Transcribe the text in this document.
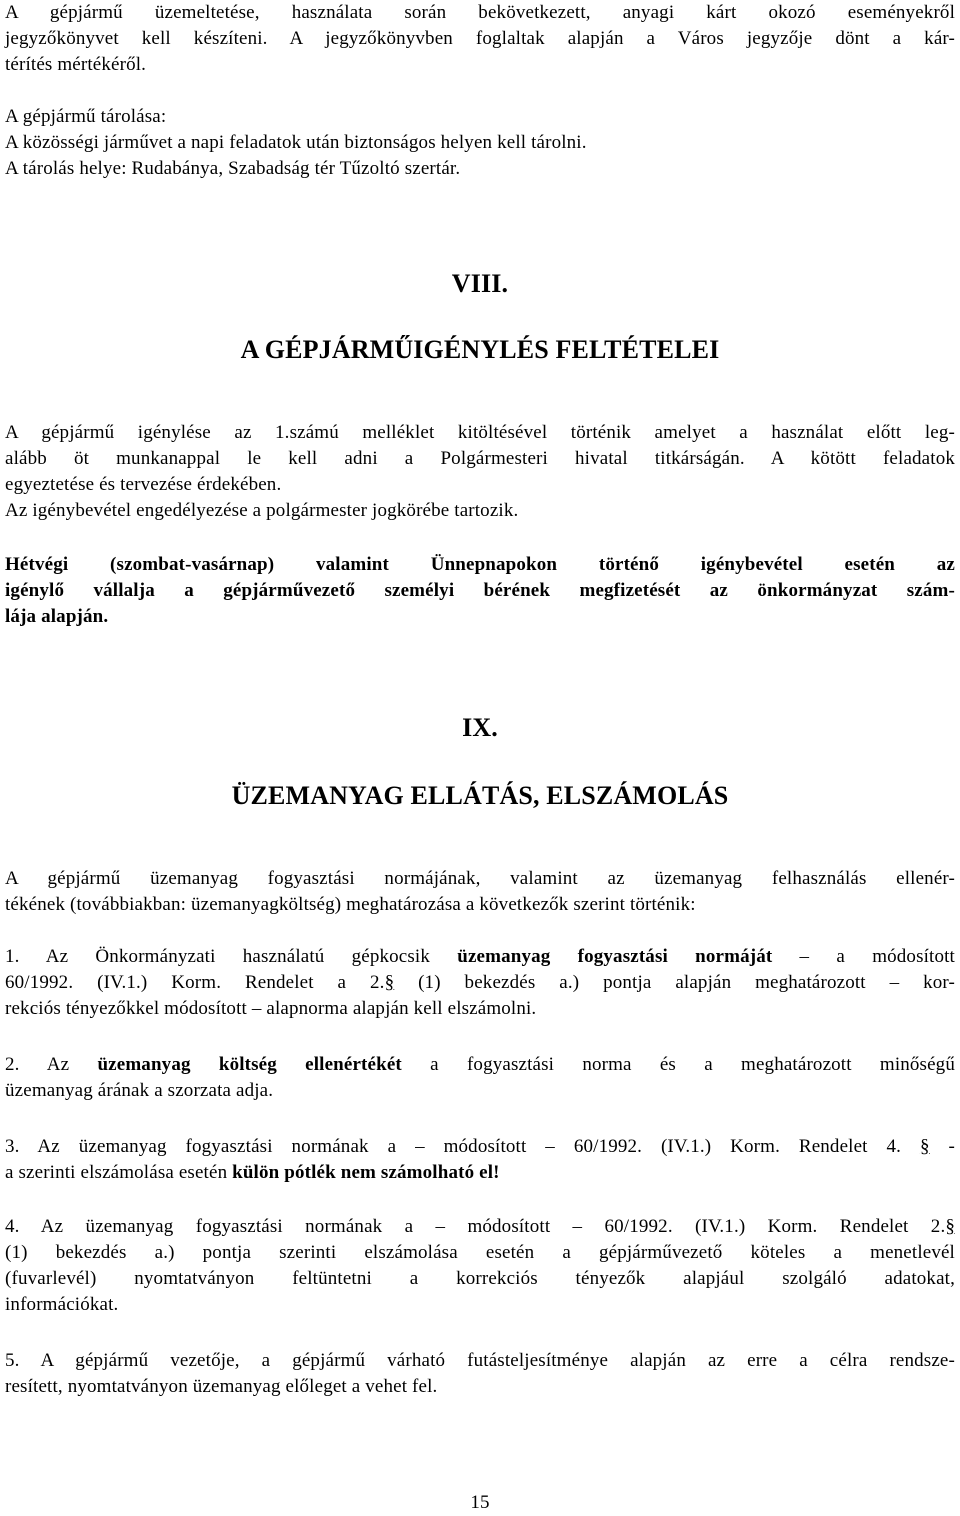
A gépjármű üzemeltetése, használata során bekövetkezett, anyagi kárt okozó eseményekről
jegyzőkönyvet kell készíteni. A jegyzőkönyvben foglaltak alapján a Város jegyzője dönt a kár-
térítés mértékéről.
A gépjármű tárolása:
A közösségi járművet a napi feladatok után biztonságos helyen kell tárolni.
A tárolás helye: Rudabánya, Szabadság tér Tűzoltó szertár.
VIII.
A GÉPJÁRMŰIGÉNYLÉS FELTÉTELEI
A gépjármű igénylése az 1.számú melléklet kitöltésével történik amelyet a használat előtt leg-
alább öt munkanappal le kell adni a Polgármesteri hivatal titkárságán. A kötött feladatok
egyeztetése és tervezése érdekében.
Az igénybevétel engedélyezése a polgármester jogkörébe tartozik.
Hétvégi (szombat-vasárnap) valamint Ünnepnapokon történő igénybevétel esetén az
igénylő vállalja a gépjárművezető személyi bérének megfizetését az önkormányzat szám-
lája alapján.
IX.
ÜZEMANYAG ELLÁTÁS, ELSZÁMOLÁS
A gépjármű üzemanyag fogyasztási normájának, valamint az üzemanyag felhasználás ellenér-
tékének (továbbiakban: üzemanyagköltség) meghatározása a következők szerint történik:
1. Az Önkormányzati használatú gépkocsik üzemanyag fogyasztási normáját – a módosított
60/1992. (IV.1.) Korm. Rendelet a 2.§ (1) bekezdés a.) pontja alapján meghatározott – kor-
rekciós tényezőkkel módosított – alapnorma alapján kell elszámolni.
2. Az üzemanyag költség ellenértékét a fogyasztási norma és a meghatározott minőségű
üzemanyag árának a szorzata adja.
3. Az üzemanyag fogyasztási normának a – módosított – 60/1992. (IV.1.) Korm. Rendelet 4. § -
a szerinti elszámolása esetén külön pótlék nem számolható el!
4. Az üzemanyag fogyasztási normának a – módosított – 60/1992. (IV.1.) Korm. Rendelet 2.§
(1) bekezdés a.) pontja szerinti elszámolása esetén a gépjárművezető köteles a menetlevél
(fuvarlevél) nyomtatványon feltüntetni a korrekciós tényezők alapjául szolgáló adatokat,
információkat.
5. A gépjármű vezetője, a gépjármű várható futásteljesítménye alapján az erre a célra rendsze-
resített, nyomtatványon üzemanyag előleget a vehet fel.
15
